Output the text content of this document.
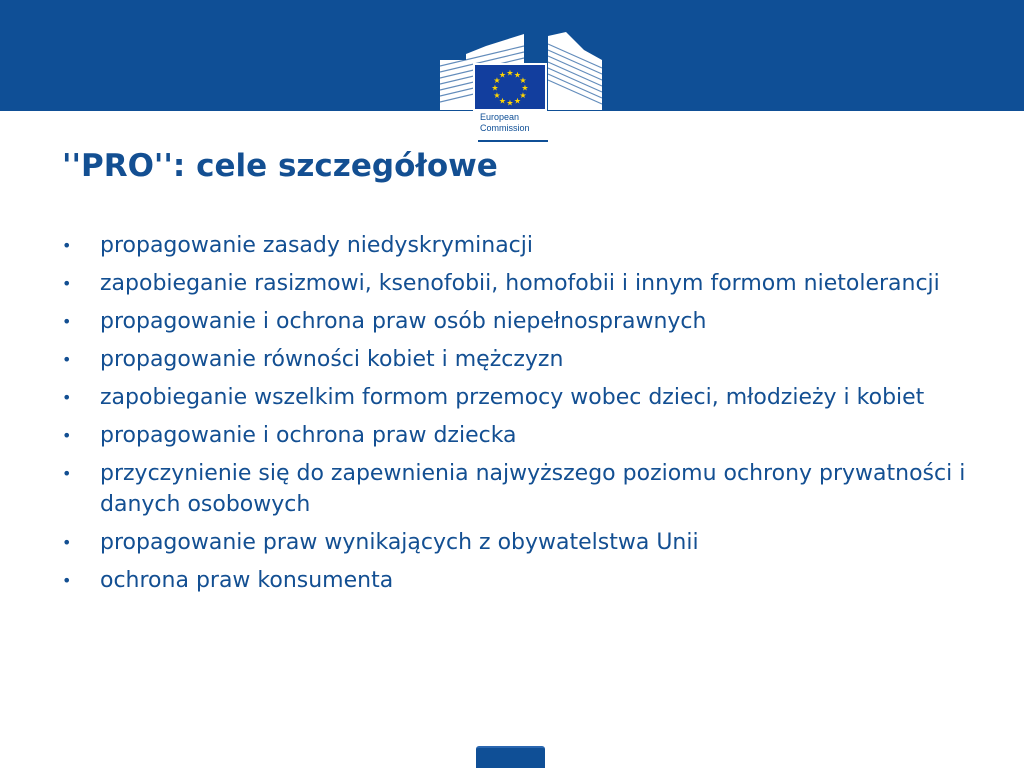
★ ★
★
★
★
★
★
★
★
★
★
★
European
Commission
''PRO'': cele szczegółowe
• propagowanie zasady niedyskryminacji
• zapobieganie rasizmowi, ksenofobii, homofobii i innym formom nietolerancji
• propagowanie i ochrona praw osób niepełnosprawnych
• propagowanie równości kobiet i mężczyzn
• zapobieganie wszelkim formom przemocy wobec dzieci, młodzieży i kobiet
• propagowanie i ochrona praw dziecka
• przyczynienie się do zapewnienia najwyższego poziomu ochrony prywatności i danych osobowych
• propagowanie praw wynikających z obywatelstwa Unii
• ochrona praw konsumenta
